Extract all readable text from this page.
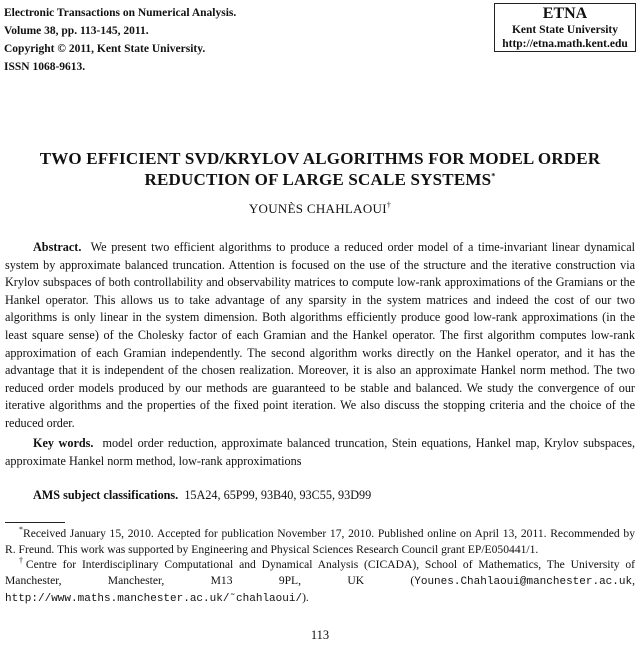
Electronic Transactions on Numerical Analysis.
Volume 38, pp. 113-145, 2011.
Copyright © 2011, Kent State University.
ISSN 1068-9613.
ETNA
Kent State University
http://etna.math.kent.edu
TWO EFFICIENT SVD/KRYLOV ALGORITHMS FOR MODEL ORDER
REDUCTION OF LARGE SCALE SYSTEMS*
YOUNÈS CHAHLAOUI†
Abstract. We present two efficient algorithms to produce a reduced order model of a time-invariant linear dynamical system by approximate balanced truncation. Attention is focused on the use of the structure and the iterative construction via Krylov subspaces of both controllability and observability matrices to compute low-rank approximations of the Gramians or the Hankel operator. This allows us to take advantage of any sparsity in the system matrices and indeed the cost of our two algorithms is only linear in the system dimension. Both algorithms efficiently produce good low-rank approximations (in the least square sense) of the Cholesky factor of each Gramian and the Hankel operator. The first algorithm computes low-rank approximation of each Gramian independently. The second algorithm works directly on the Hankel operator, and it has the advantage that it is independent of the chosen realization. Moreover, it is also an approximate Hankel norm method. The two reduced order models produced by our methods are guaranteed to be stable and balanced. We study the convergence of our iterative algorithms and the properties of the fixed point iteration. We also discuss the stopping criteria and the choice of the reduced order.
Key words. model order reduction, approximate balanced truncation, Stein equations, Hankel map, Krylov subspaces, approximate Hankel norm method, low-rank approximations
AMS subject classifications. 15A24, 65P99, 93B40, 93C55, 93D99

*Received January 15, 2010. Accepted for publication November 17, 2010. Published online on April 13, 2011. Recommended by R. Freund. This work was supported by Engineering and Physical Sciences Research Council grant EP/E050441/1.

†Centre for Interdisciplinary Computational and Dynamical Analysis (CICADA), School of Mathematics, The University of Manchester, Manchester, M13 9PL, UK (Younes.Chahlaoui@manchester.ac.uk, http://www.maths.manchester.ac.uk/˜chahlaoui/).

113
